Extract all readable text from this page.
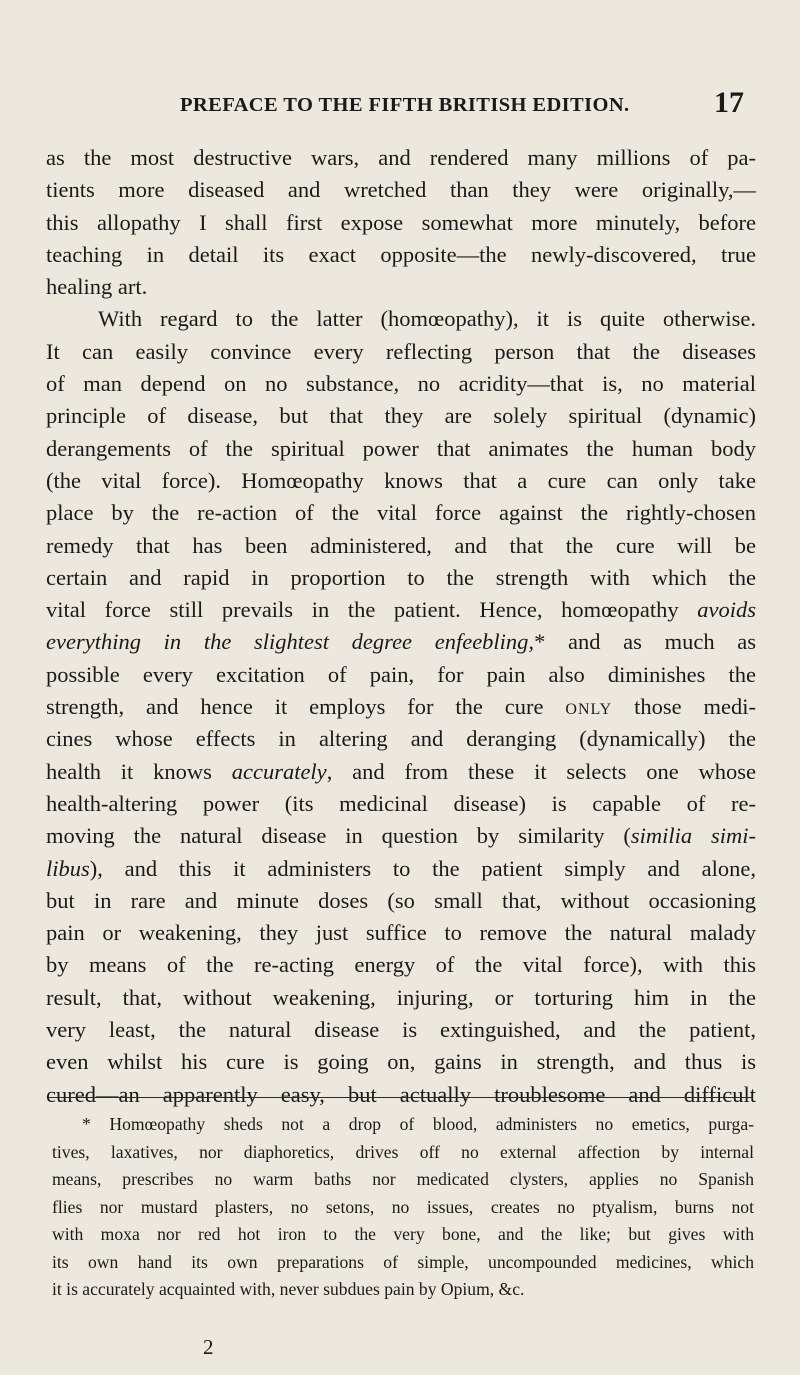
PREFACE TO THE FIFTH BRITISH EDITION.	17
as the most destructive wars, and rendered many millions of pa-
tients more diseased and wretched than they were originally,—
this allopathy I shall first expose somewhat more minutely, before
teaching in detail its exact opposite—the newly-discovered, true
healing art.
With regard to the latter (homœopathy), it is quite otherwise.
It can easily convince every reflecting person that the diseases
of man depend on no substance, no acridity—that is, no material
principle of disease, but that they are solely spiritual (dynamic)
derangements of the spiritual power that animates the human body
(the vital force). Homœopathy knows that a cure can only take
place by the re-action of the vital force against the rightly-chosen
remedy that has been administered, and that the cure will be
certain and rapid in proportion to the strength with which the
vital force still prevails in the patient. Hence, homœopathy avoids
everything in the slightest degree enfeebling,* and as much as
possible every excitation of pain, for pain also diminishes the
strength, and hence it employs for the cure only those medi-
cines whose effects in altering and deranging (dynamically) the
health it knows accurately, and from these it selects one whose
health-altering power (its medicinal disease) is capable of re-
moving the natural disease in question by similarity (similia simi-
libus), and this it administers to the patient simply and alone,
but in rare and minute doses (so small that, without occasioning
pain or weakening, they just suffice to remove the natural malady
by means of the re-acting energy of the vital force), with this
result, that, without weakening, injuring, or torturing him in the
very least, the natural disease is extinguished, and the patient,
even whilst his cure is going on, gains in strength, and thus is
cured—an apparently easy, but actually troublesome and difficult
* Homœopathy sheds not a drop of blood, administers no emetics, purga-
tives, laxatives, nor diaphoretics, drives off no external affection by internal
means, prescribes no warm baths nor medicated clysters, applies no Spanish
flies nor mustard plasters, no setons, no issues, creates no ptyalism, burns not
with moxa nor red hot iron to the very bone, and the like; but gives with
its own hand its own preparations of simple, uncompounded medicines, which
it is accurately acquainted with, never subdues pain by Opium, &c.
2
